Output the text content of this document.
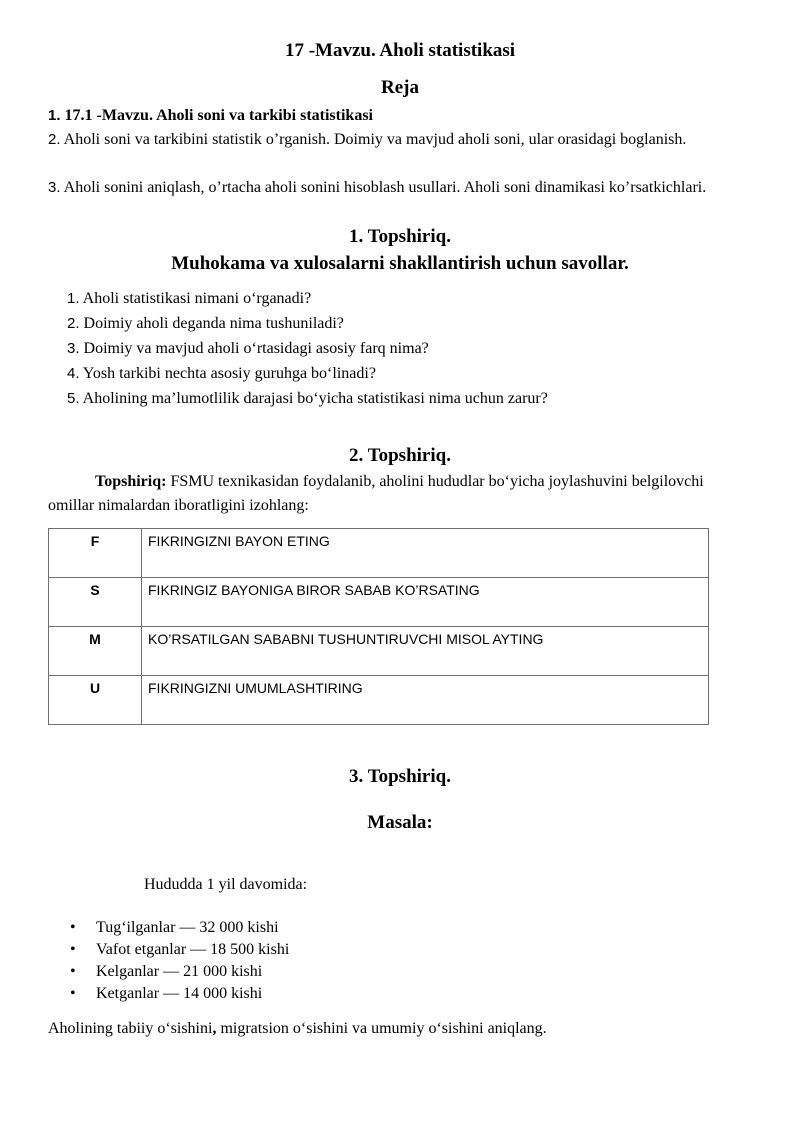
17 -Mavzu. Aholi statistikasi
Reja
1. 17.1 -Mavzu. Aholi soni va tarkibi statistikasi
2. Aholi soni va tarkibini statistik o’rganish. Doimiy va mavjud aholi soni, ular orasidagi boglanish.
3. Aholi sonini aniqlash, o’rtacha aholi sonini hisoblash usullari. Aholi soni dinamikasi ko’rsatkichlari.
1. Topshiriq.
Muhokama va xulosalarni shakllantirish uchun savollar.
1. Aholi statistikasi nimani o‘rganadi?
2. Doimiy aholi deganda nima tushuniladi?
3. Doimiy va mavjud aholi o‘rtasidagi asosiy farq nima?
4. Yosh tarkibi nechta asosiy guruhga bo‘linadi?
5. Aholining ma’lumotlilik darajasi bo‘yicha statistikasi nima uchun zarur?
2. Topshiriq.
Topshiriq: FSMU texnikasidan foydalanib, aholini hududlar bo‘yicha joylashuvini belgilovchi omillar nimalardan iboratligini izohlang:
F	FIKRINGIZNI BAYON ETING
S	FIKRINGIZ BAYONIGA BIROR SABAB KO’RSATING
M	KO’RSATILGAN SABABNI TUSHUNTIRUVCHI MISOL AYTING
U	FIKRINGIZNI UMUMLASHTIRING
3. Topshiriq.
Masala:
Hududda 1 yil davomida:
• Tug‘ilganlar — 32 000 kishi
• Vafot etganlar — 18 500 kishi
• Kelganlar — 21 000 kishi
• Ketganlar — 14 000 kishi
Aholining tabiiy o‘sishini, migratsion o‘sishini va umumiy o‘sishini aniqlang.
